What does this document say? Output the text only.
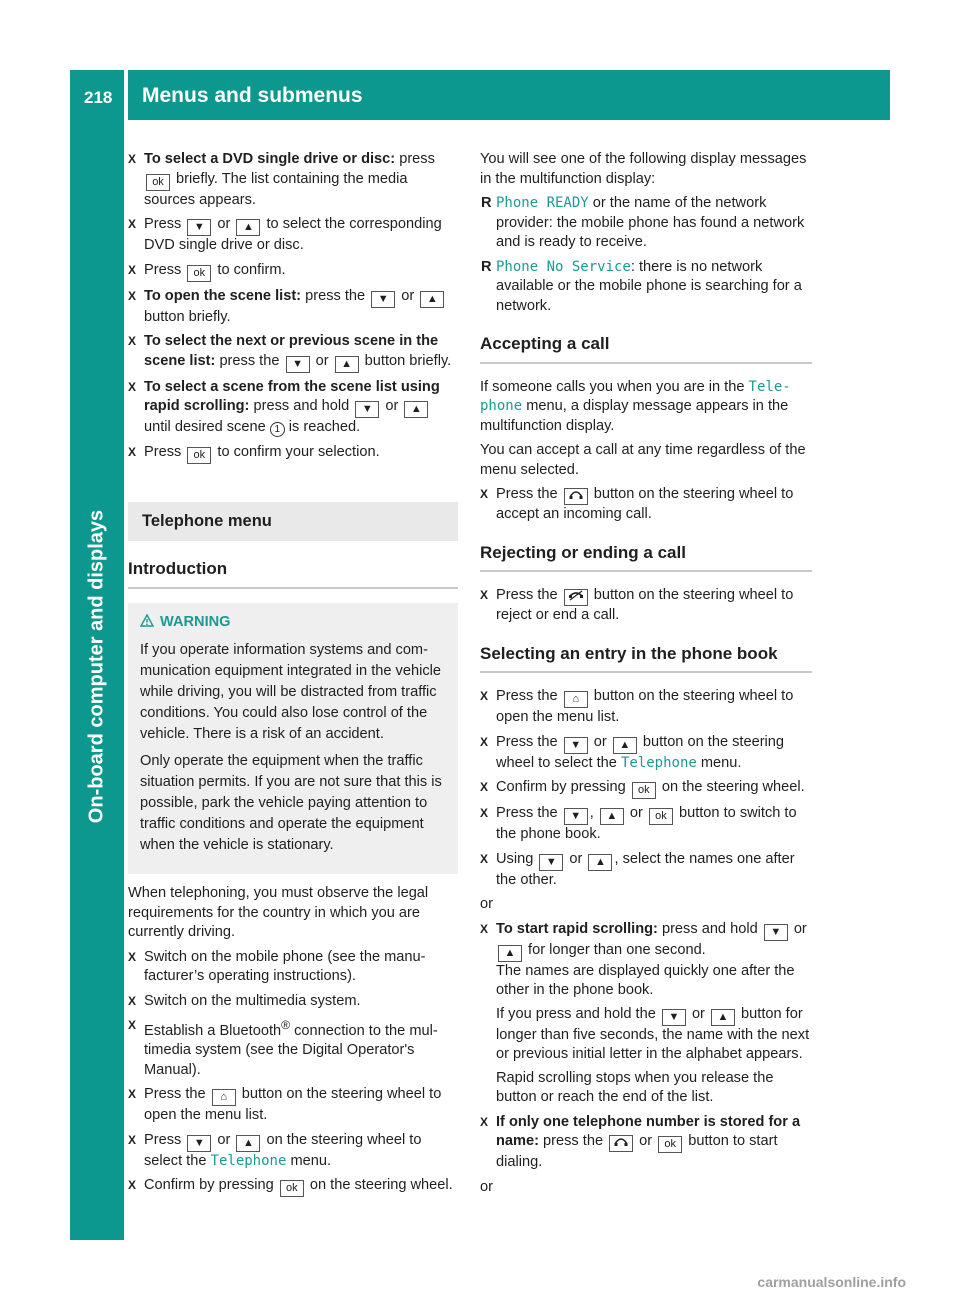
218 Menus and submenus
On-board computer and displays
X To select a DVD single drive or disc: press ok briefly. The list containing the media sources appears.
X Press ▼ or ▲ to select the corresponding DVD single drive or disc.
X Press ok to confirm.
X To open the scene list: press the ▼ or ▲ button briefly.
X To select the next or previous scene in the scene list: press the ▼ or ▲ button briefly.
X To select a scene from the scene list using rapid scrolling: press and hold ▼ or ▲ until desired scene 1 is reached.
X Press ok to confirm your selection.
Telephone menu
Introduction
WARNING

If you operate information systems and communication equipment integrated in the vehicle while driving, you will be distracted from traffic conditions. You could also lose control of the vehicle. There is a risk of an accident.

Only operate the equipment when the traffic situation permits. If you are not sure that this is possible, park the vehicle paying attention to traffic conditions and operate the equipment when the vehicle is stationary.

When telephoning, you must observe the legal requirements for the country in which you are currently driving.

X Switch on the mobile phone (see the manufacturer’s operating instructions).
X Switch on the multimedia system.
X Establish a Bluetooth® connection to the multimedia system (see the Digital Operator's Manual).
X Press the ⌂ button on the steering wheel to open the menu list.
X Press ▼ or ▲ on the steering wheel to select the Telephone menu.
X Confirm by pressing ok on the steering wheel.

You will see one of the following display messages in the multifunction display:

R Phone READY or the name of the network provider: the mobile phone has found a network and is ready to receive.
R Phone No Service: there is no network available or the mobile phone is searching for a network.
Accepting a call

If someone calls you when you are in the Telephone menu, a display message appears in the multifunction display.

You can accept a call at any time regardless of the menu selected.

X Press the  button on the steering wheel to accept an incoming call.
Rejecting or ending a call
X Press the  button on the steering wheel to reject or end a call.
Selecting an entry in the phone book
X Press the ⌂ button on the steering wheel to open the menu list.
X Press the ▼ or ▲ button on the steering wheel to select the Telephone menu.
X Confirm by pressing ok on the steering wheel.
X Press the ▼ , ▲ or ok button to switch to the phone book.
X Using ▼ or ▲ , select the names one after the other.

or

X To start rapid scrolling: press and hold ▼ or ▲ for longer than one second.
The names are displayed quickly one after the other in the phone book.
If you press and hold the ▼ or ▲ button for longer than five seconds, the name with the next or previous initial letter in the alphabet appears.
Rapid scrolling stops when you release the button or reach the end of the list.
X If only one telephone number is stored for a name: press the  or ok button to start dialing.

or

carmanualsonline.info
